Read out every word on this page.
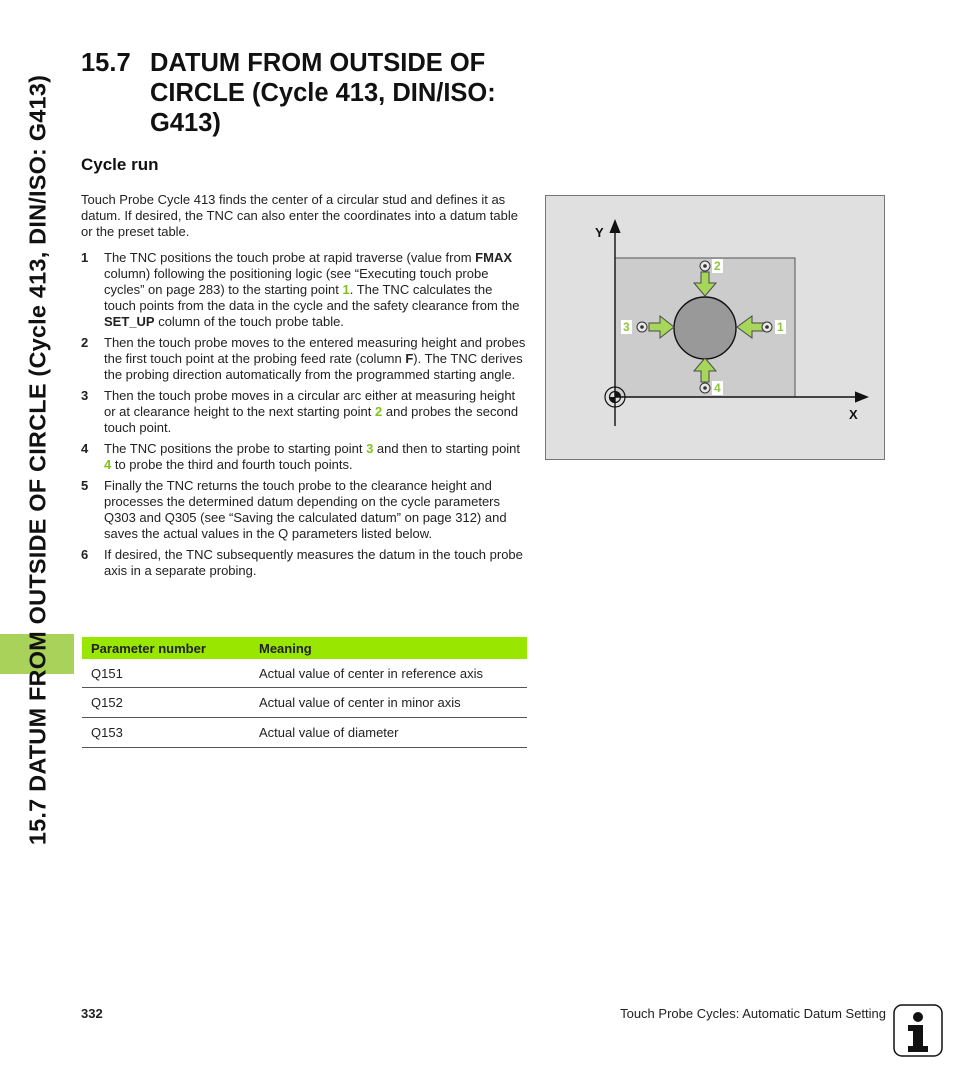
15.7 DATUM FROM OUTSIDE OF CIRCLE (Cycle 413, DIN/ISO: G413)
15.7 DATUM FROM OUTSIDE OF CIRCLE (Cycle 413, DIN/ISO: G413)
Cycle run

Touch Probe Cycle 413 finds the center of a circular stud and defines it as datum. If desired, the TNC can also enter the coordinates into a datum table or the preset table.

1 The TNC positions the touch probe at rapid traverse (value from FMAX column) following the positioning logic (see “Executing touch probe cycles” on page 283) to the starting point 1. The TNC calculates the touch points from the data in the cycle and the safety clearance from the SET_UP column of the touch probe table.
2 Then the touch probe moves to the entered measuring height and probes the first touch point at the probing feed rate (column F). The TNC derives the probing direction automatically from the programmed starting angle.
3 Then the touch probe moves in a circular arc either at measuring height or at clearance height to the next starting point 2 and probes the second touch point.
4 The TNC positions the probe to starting point 3 and then to starting point 4 to probe the third and fourth touch points.
5 Finally the TNC returns the touch probe to the clearance height and processes the determined datum depending on the cycle parameters Q303 and Q305 (see “Saving the calculated datum” on page 312) and saves the actual values in the Q parameters listed below.
6 If desired, the TNC subsequently measures the datum in the touch probe axis in a separate probing.
Parameter number	Meaning
Q151	Actual value of center in reference axis
Q152	Actual value of center in minor axis
Q153	Actual value of diameter
Y
X
1
2
3
4
332	Touch Probe Cycles: Automatic Datum Setting
